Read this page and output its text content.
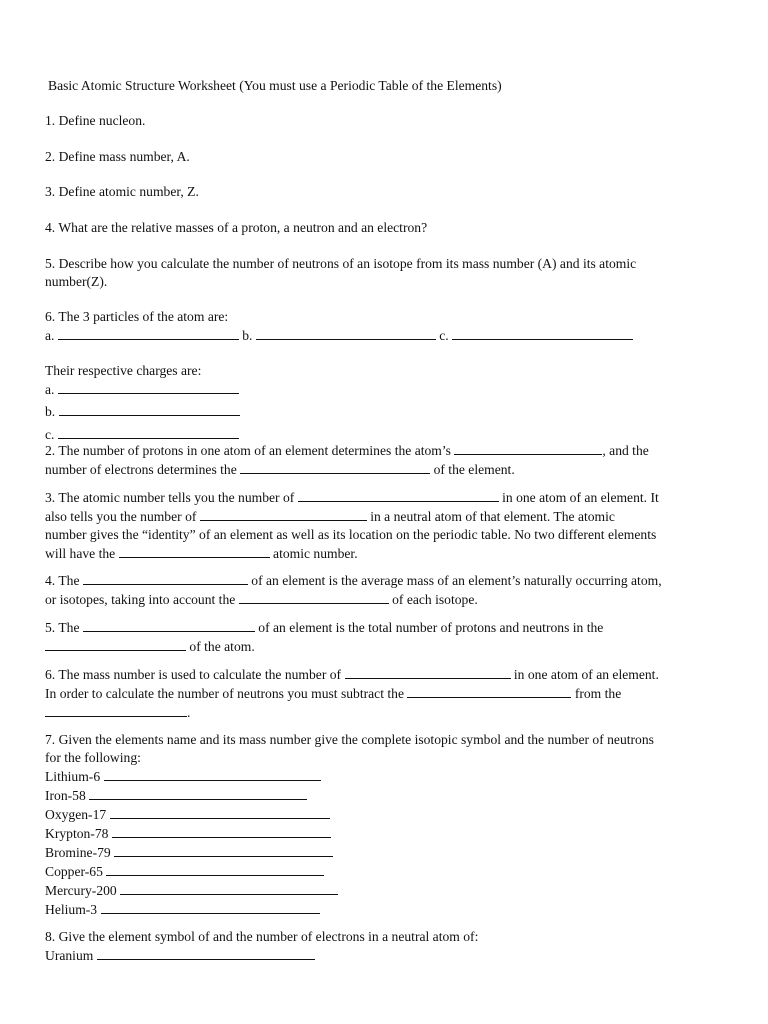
Basic Atomic Structure Worksheet (You must use a Periodic Table of the Elements)

1. Define nucleon.

2. Define mass number, A.

3. Define atomic number, Z.

4. What are the relative masses of a proton, a neutron and an electron?

5. Describe how you calculate the number of neutrons of an isotope from its mass number (A) and its atomic
number(Z).
6. The 3 particles of the atom are:
a.	b.	c.
Their respective charges are:
a.
b.
c.
2. The number of protons in one atom of an element determines the atom’s	, and the
number of electrons determines the	of the element.
3. The atomic number tells you the number of	in one atom of an element. It
also tells you the number of	in a neutral atom of that element. The atomic
number gives the “identity” of an element as well as its location on the periodic table. No two different elements
will have the	atomic number.
4. The	of an element is the average mass of an element’s naturally occurring atom,
or isotopes, taking into account the	of each isotope.
5. The	of an element is the total number of protons and neutrons in the
of the atom.
6. The mass number is used to calculate the number of	in one atom of an element.
In order to calculate the number of neutrons you must subtract the	from the
.
7. Given the elements name and its mass number give the complete isotopic symbol and the number of neutrons
for the following:
Lithium-6
Iron-58
Oxygen-17
Krypton-78
Bromine-79
Copper-65
Mercury-200
Helium-3
8. Give the element symbol of and the number of electrons in a neutral atom of:
Uranium
